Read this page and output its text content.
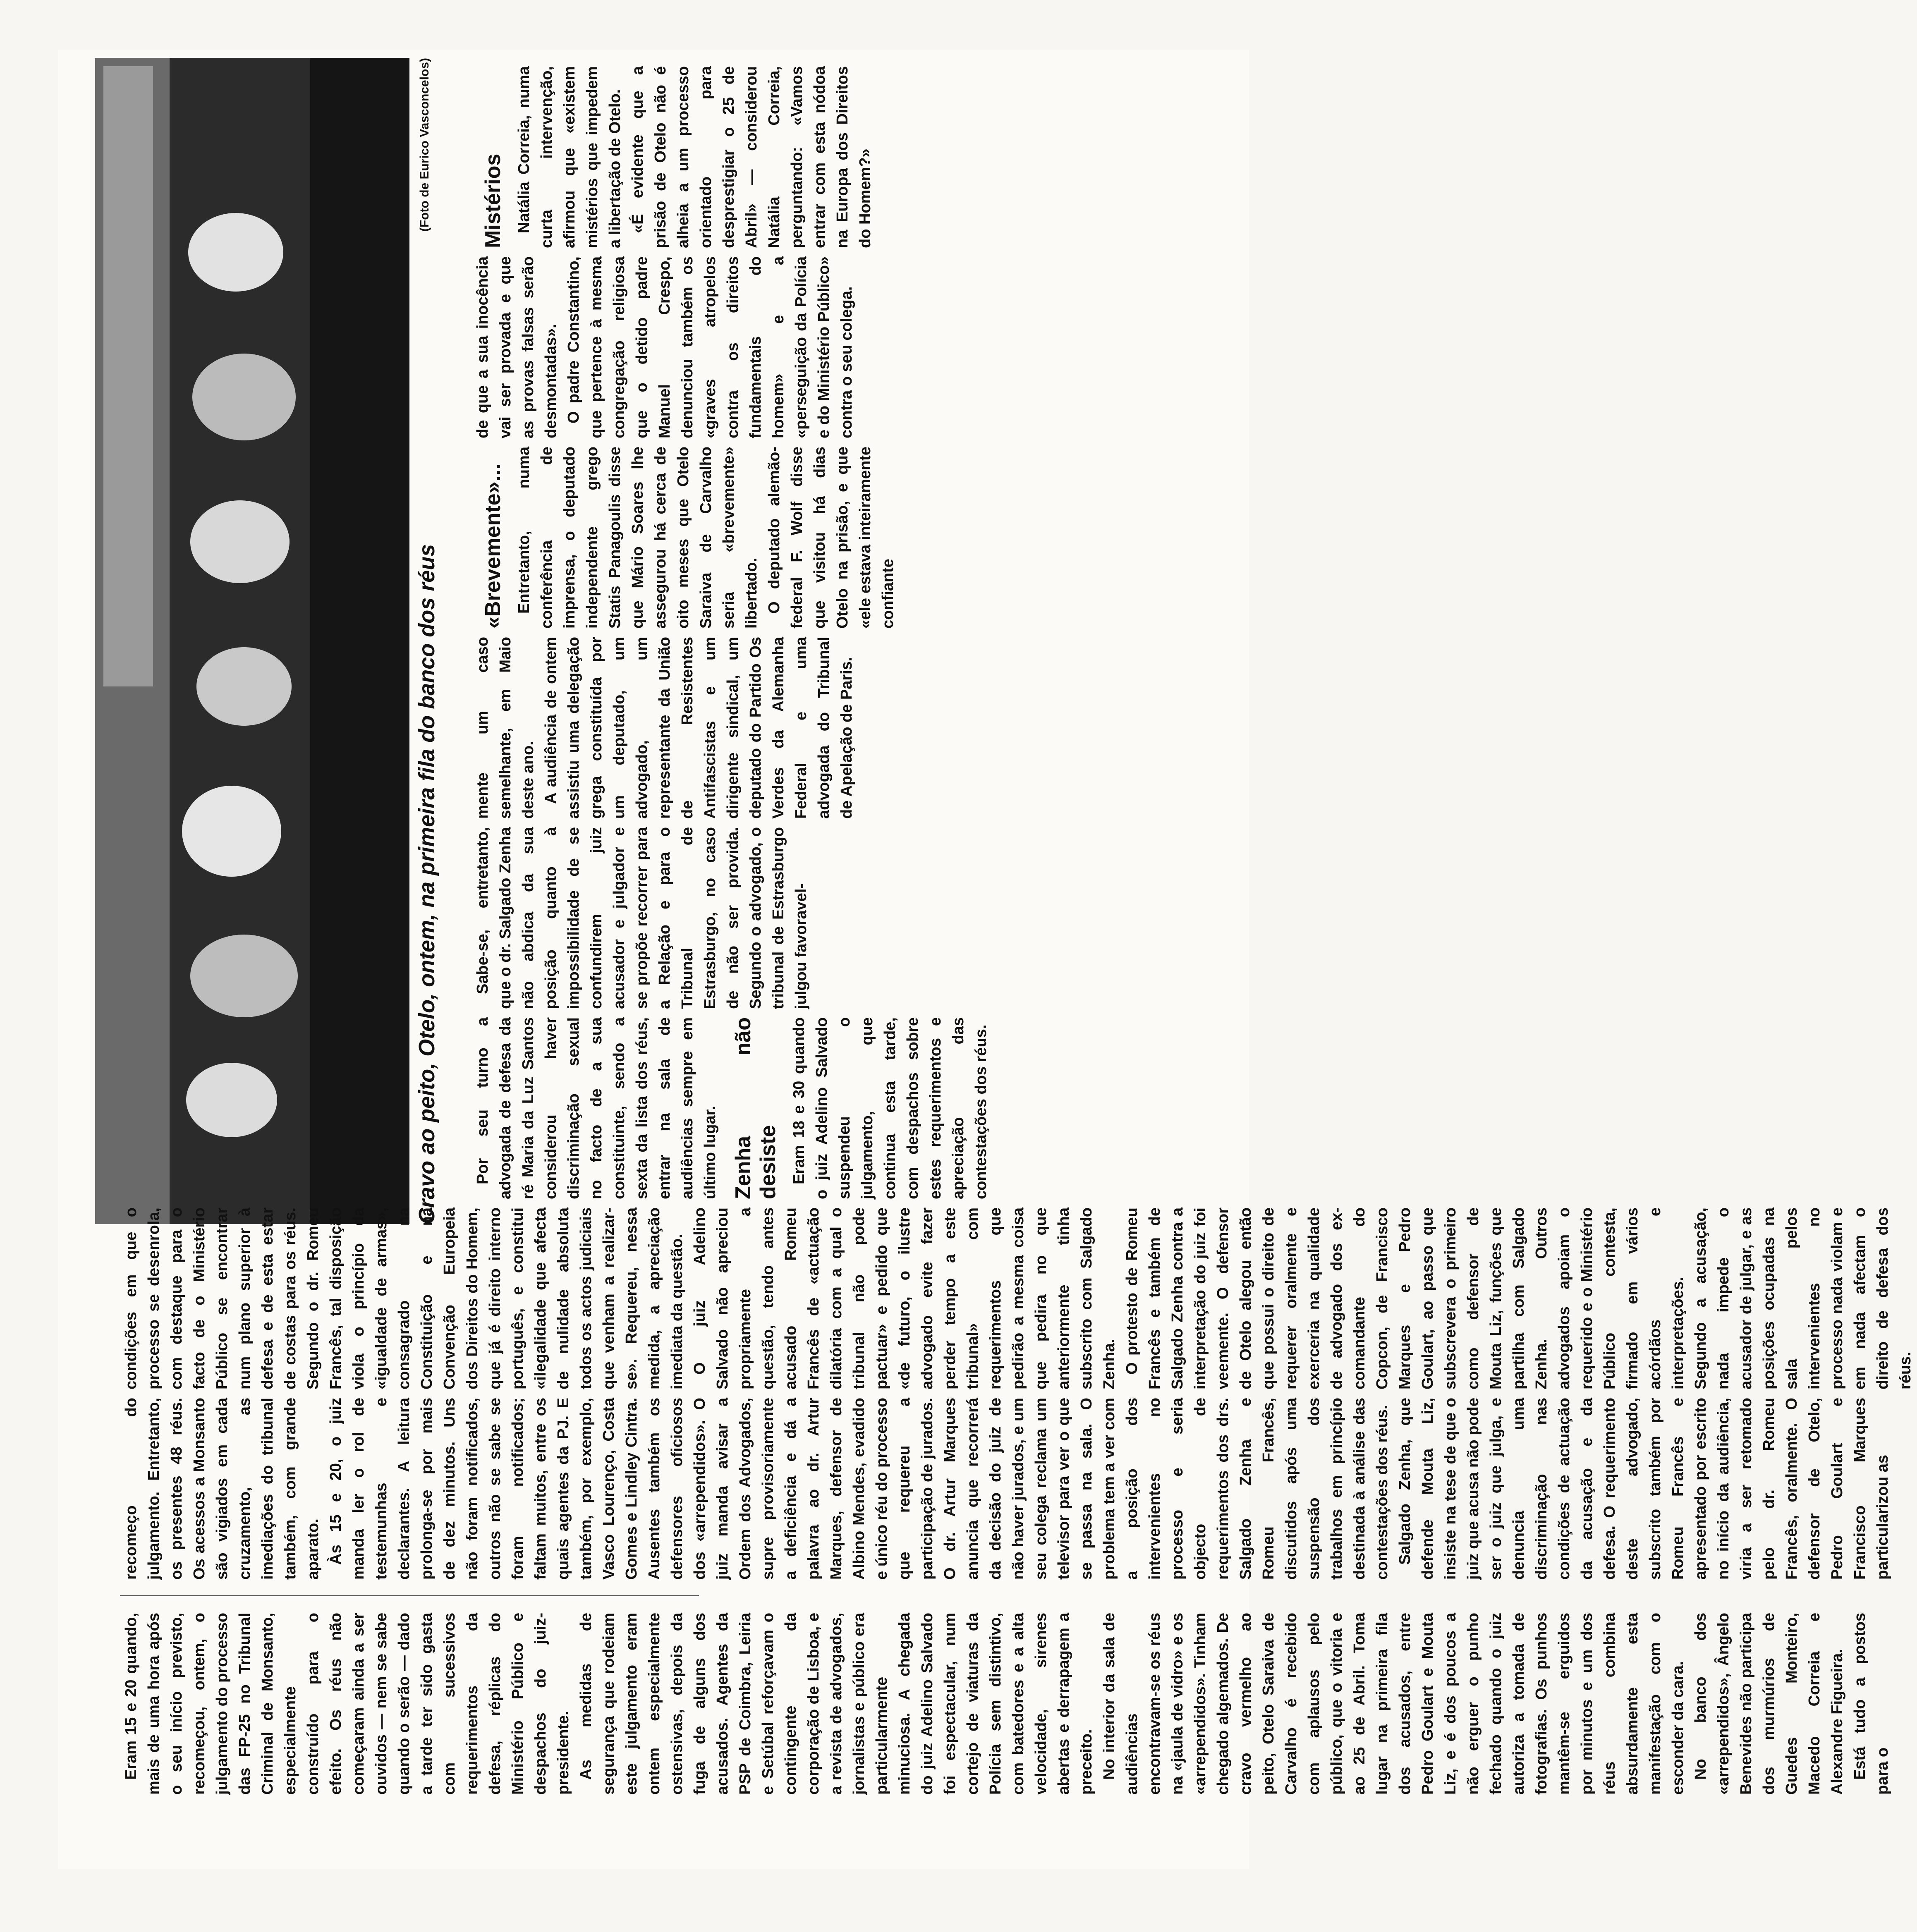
Cravo ao peito, Otelo, ontem, na primeira fila do banco dos réus
(Foto de Eurico Vasconcelos)

Eram 15 e 20 quando, mais de uma hora após o seu início previsto, recomeçou, ontem, o julgamento do processo das FP-25 no Tribunal Criminal de Monsanto, especialmente construído para o efeito. Os réus não começaram ainda a ser ouvidos — nem se sabe quando o serão — dado a tarde ter sido gasta com sucessivos requerimentos da defesa, réplicas do Ministério Público e despachos do juiz-presidente. As medidas de segurança que rodeiam este julgamento eram ontem especialmente ostensivas, depois da fuga de alguns dos acusados. Agentes da PSP de Coimbra, Leiria e Setúbal reforçavam o contingente da corporação de Lisboa, e a revista de advogados, jornalistas e público era particularmente minuciosa. A chegada do juiz Adelino Salvado foi espectacular, num cortejo de viaturas da Polícia sem distintivo, com batedores e a alta velocidade, sirenes abertas e derrapagem a preceito. No interior da sala de audiências encontravam-se os réus na «jaula de vidro» e os «arrependidos». Tinham chegado algemados. De cravo vermelho ao peito, Otelo Saraiva de Carvalho é recebido com aplausos pelo público, que o vitoria e ao 25 de Abril. Toma lugar na primeira fila dos acusados, entre Pedro Goulart e Mouta Liz, e é dos poucos a não erguer o punho fechado quando o juiz autoriza a tomada de fotografias. Os punhos mantêm-se erguidos por minutos e um dos réus combina absurdamente esta manifestação com o esconder da cara. No banco dos «arrependidos», Ângelo Benevides não participa dos murmúrios de Guedes Monteiro, Macedo Correia e Alexandre Figueira. Está tudo a postos para o

recomeço do julgamento. Entretanto, os presentes 48 réus. Os acessos a Monsanto são vigiados em cada cruzamento, as imediações do tribunal também, com grande aparato. Às 15 e 20, o juiz manda ler o rol de testemunhas e declarantes. A leitura prolonga-se por mais de dez minutos. Uns não foram notificados, outros não se sabe se foram notificados; faltam muitos, entre os quais agentes da PJ. E também, por exemplo, Vasco Lourenço, Costa Gomes e Lindley Cintra. Ausentes também os defensores oficiosos dos «arrependidos». O juiz manda avisar a Ordem dos Advogados, supre provisoriamente a deficiência e dá a palavra ao dr. Artur Marques, defensor de Albino Mendes, evadido e único réu do processo que requereu a participação de jurados. O dr. Artur Marques anuncia que recorrerá da decisão do juiz de não haver jurados, e um seu colega reclama um televisor para ver o que se passa na sala. O problema tem a ver com a posição dos intervenientes no processo e seria objecto de requerimentos dos drs. Salgado Zenha e Romeu Francês, discutidos após uma suspensão dos trabalhos em princípio destinada à análise das contestações dos réus. Salgado Zenha, que defende Mouta Liz, insiste na tese de que o juiz que acusa não pode ser o juiz que julga, e denuncia uma discriminação nas condições de actuação da acusação e da defesa. O requerimento deste advogado, subscrito também por Romeu Francês e apresentado por escrito no início da audiência, viria a ser retomado pelo dr. Romeu Francês, oralmente. O defensor de Otelo, Pedro Goulart e Francisco Marques particularizou as

condições em que o processo se desenrola, com destaque para o facto de o Ministério Público se encontrar num plano superior à defesa e de esta estar de costas para os réus. Segundo o dr. Romeu Francês, tal disposição viola o princípio da «igualdade de armas», consagrado na Constituição e na Convenção Europeia dos Direitos do Homem, que já é direito interno português, e constitui «ilegalidade que afecta de nulidade absoluta todos os actos judiciais que venham a realizar-se». Requereu, nessa medida, a apreciação imediata da questão. O juiz Adelino Salvado não apreciou propriamente a questão, tendo antes acusado Romeu Francês de «actuação dilatória com a qual o tribunal não pode pactuar» e pedido que «de futuro, o ilustre advogado evite fazer perder tempo a este tribunal» com requerimentos que pedirão a mesma coisa que pedira no que anteriormente tinha subscrito com Salgado Zenha. O protesto de Romeu Francês e também de Salgado Zenha contra a interpretação do juiz foi veemente. O defensor de Otelo alegou então que possui o direito de requerer oralmente e exerceria na qualidade de advogado dos ex-comandante do Copcon, de Francisco Marques e Pedro Goulart, ao passo que subscrevera o primeiro como defensor de Mouta Liz, funções que partilha com Salgado Zenha. Outros advogados apoiam o requerido e o Ministério Público contesta, firmado em vários acórdãos e interpretações. Segundo a acusação, nada impede o acusador de julgar, e as posições ocupadas na sala pelos intervenientes no processo nada violam e em nada afectam o direito de defesa dos réus.

Por seu turno a advogada de defesa da ré Maria da Luz Santos considerou haver discriminação sexual no facto de a sua constituinte, sendo a sexta da lista dos réus, entrar na sala de audiências sempre em último lugar. Zenha não desiste Eram 18 e 30 quando o juiz Adelino Salvado suspendeu o julgamento, que continua esta tarde, com despachos sobre estes requerimentos e apreciação das contestações dos réus.

Sabe-se, entretanto, que o dr. Salgado Zenha não abdica da sua posição quanto à impossibilidade de se confundirem juiz acusador e julgador e se propõe recorrer para a Relação e para o Tribunal de Estrasburgo, no caso de não ser provida. Segundo o advogado, o tribunal de Estrasburgo julgou favoravel-

mente um caso semelhante, em Maio deste ano. A audiência de ontem assistiu uma delegação grega constituída por um deputado, um advogado, um representante da União de Resistentes Antifascistas e um dirigente sindical, um deputado do Partido Os Verdes da Alemanha Federal e uma advogada do Tribunal de Apelação de Paris.

«Brevemente»... Entretanto, numa conferência de imprensa, o deputado independente grego Statis Panagoulis disse que Mário Soares lhe assegurou há cerca de oito meses que Otelo Saraiva de Carvalho seria «brevemente» libertado. O deputado alemão-federal F. Wolf disse que visitou há dias Otelo na prisão, e que «ele estava inteiramente confiante

de que a sua inocência vai ser provada e que as provas falsas serão desmontadas». O padre Constantino, que pertence à mesma congregação religiosa que o detido padre Manuel Crespo, denunciou também os «graves atropelos contra os direitos fundamentais do homem» e a «perseguição da Polícia e do Ministério Público» contra o seu colega.

Mistérios Natália Correia, numa curta intervenção, afirmou que «existem mistérios que impedem a libertação de Otelo. «É evidente que a prisão de Otelo não é alheia a um processo orientado para desprestigiar o 25 de Abril» — considerou Natália Correia, perguntando: «Vamos entrar com esta nódoa na Europa dos Direitos do Homem?»
